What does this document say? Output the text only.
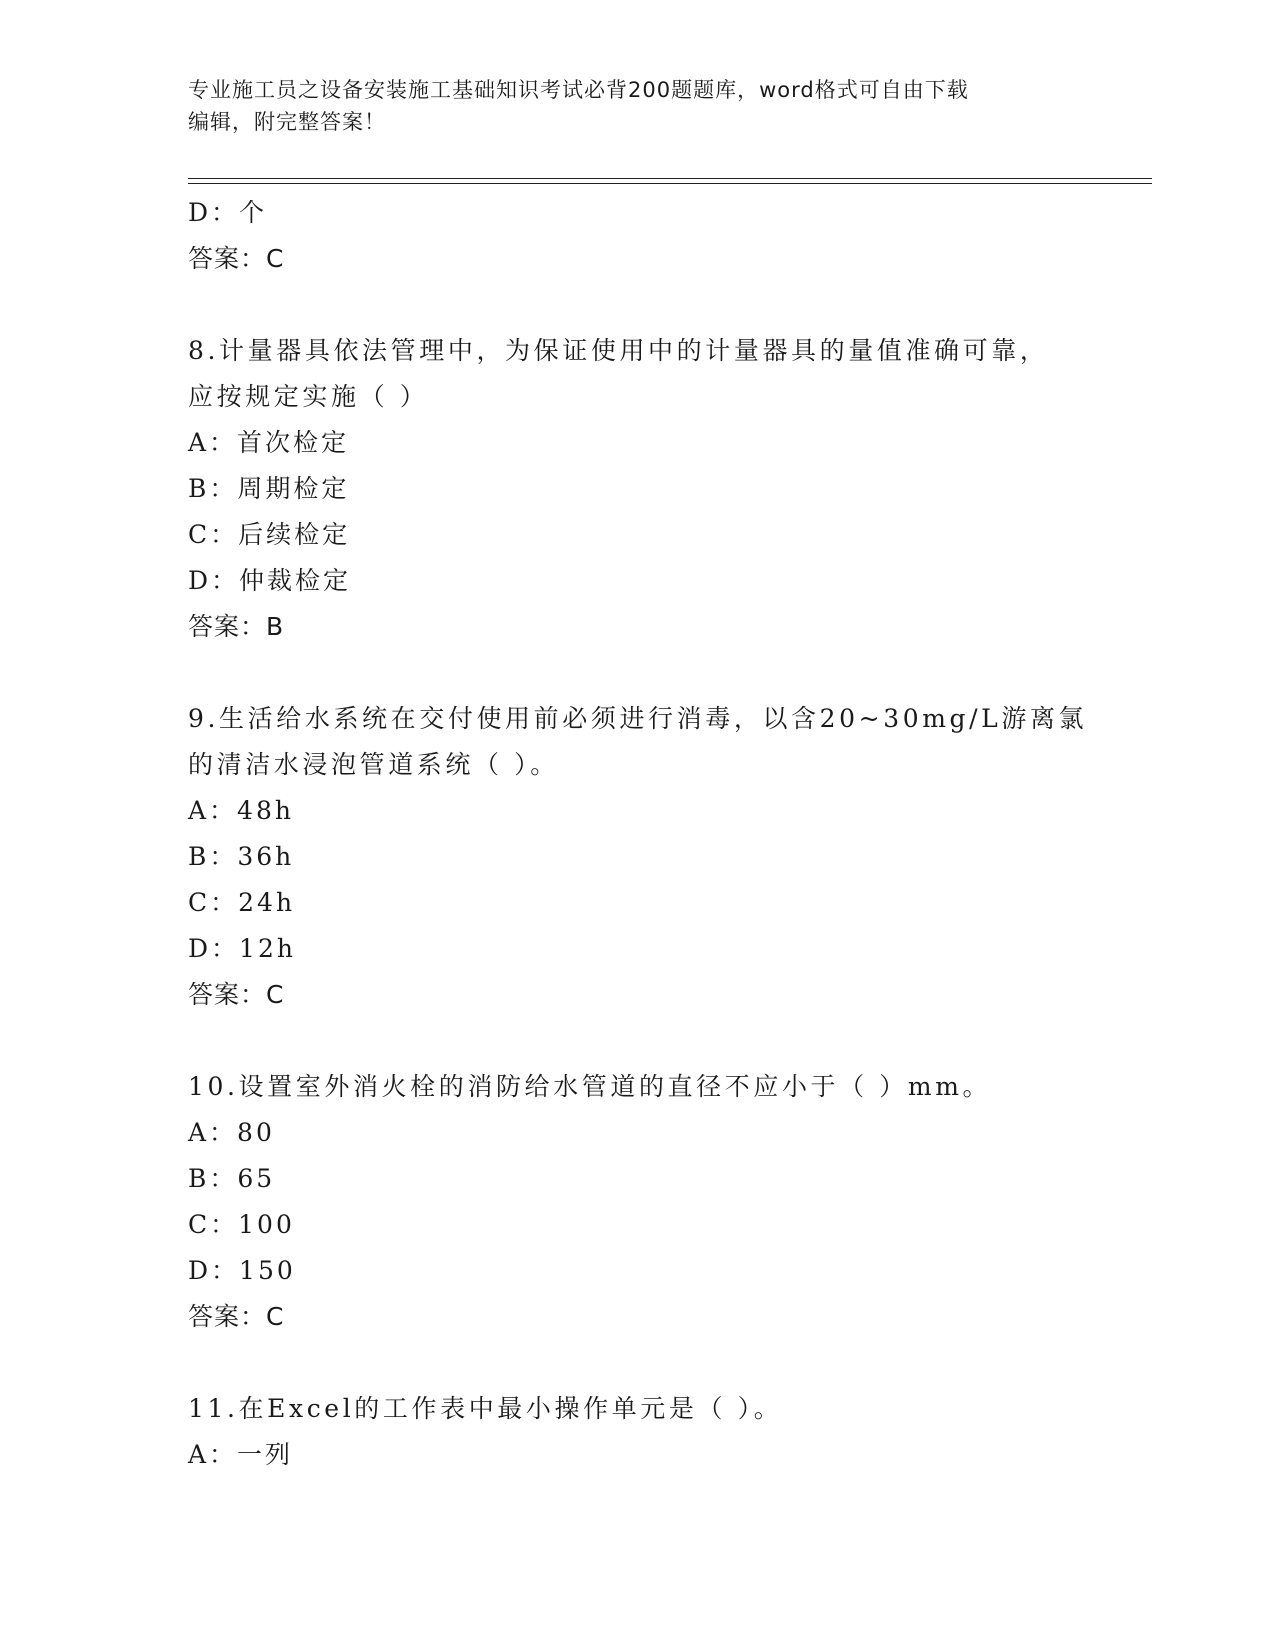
专业施工员之设备安装施工基础知识考试必背200题题库，word格式可自由下载
编辑，附完整答案！
D：个
答案：C
8.计量器具依法管理中，为保证使用中的计量器具的量值准确可靠，
应按规定实施（ ）
A：首次检定
B：周期检定
C：后续检定
D：仲裁检定
答案：B
9.生活给水系统在交付使用前必须进行消毒，以含20~30mg/L游离氯
的清洁水浸泡管道系统（ ）。
A：48h
B：36h
C：24h
D：12h
答案：C
10.设置室外消火栓的消防给水管道的直径不应小于（ ）mm。
A：80
B：65
C：100
D：150
答案：C
11.在Excel的工作表中最小操作单元是（ ）。
A：一列
